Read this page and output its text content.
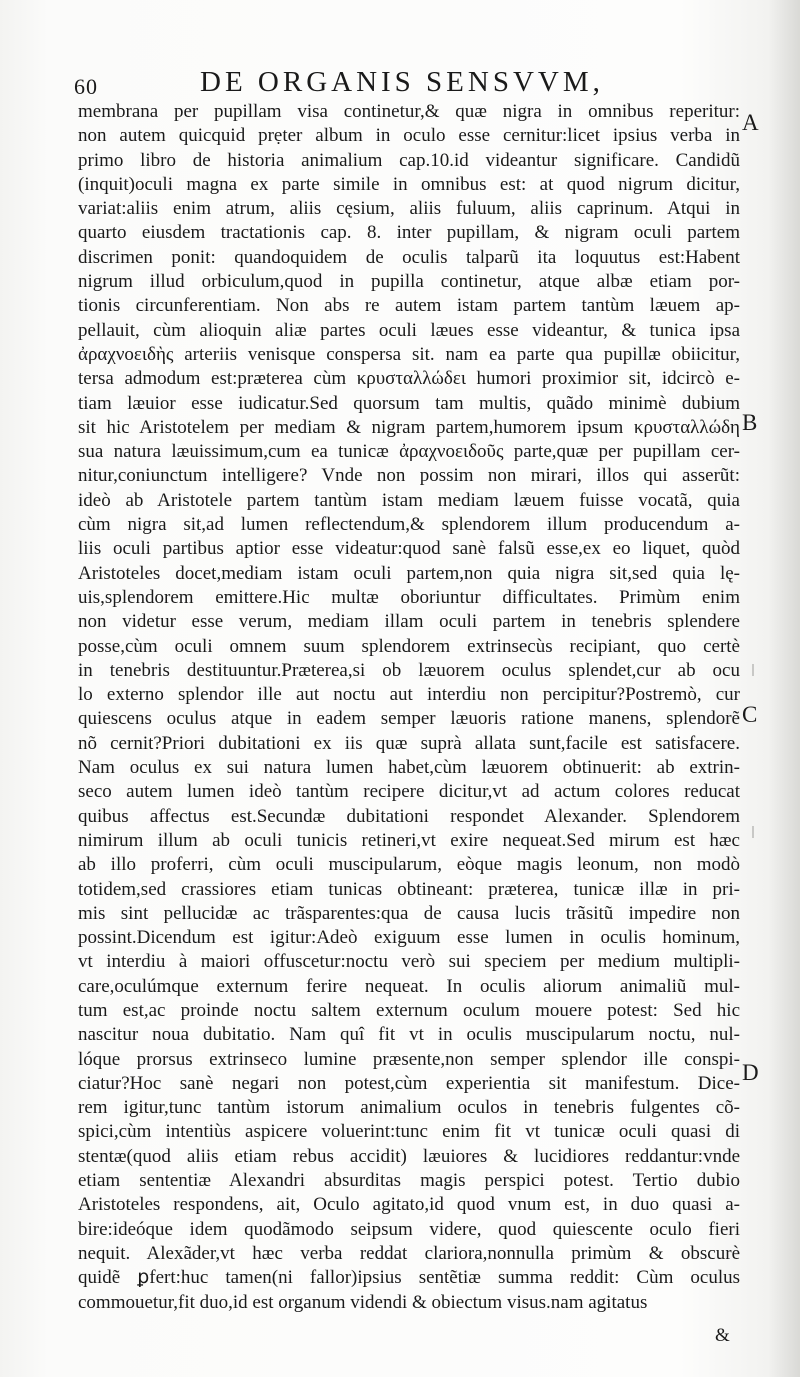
60	DE ORGANIS SENSVVM,
membrana per pupillam visa continetur,& quæ nigra in omnibus reperitur:
non autem quicquid prẹter album in oculo esse cernitur:licet ipsius verba in
primo libro de historia animalium cap.10.id videantur significare. Candidũ
(inquit)oculi magna ex parte simile in omnibus est: at quod nigrum dicitur,
variat:aliis enim atrum, aliis cęsium, aliis fuluum, aliis caprinum. Atqui in
quarto eiusdem tractationis cap. 8. inter pupillam, & nigram oculi partem
discrimen ponit: quandoquidem de oculis talparũ ita loquutus est:Habent
nigrum illud orbiculum,quod in pupilla continetur, atque albæ etiam por-
tionis circunferentiam. Non abs re autem istam partem tantùm læuem ap-
pellauit, cùm alioquin aliæ partes oculi læues esse videantur, & tunica ipsa
ἀραχνοειδὴς arteriis venisque conspersa sit. nam ea parte qua pupillæ obiicitur,
tersa admodum est:præterea cùm κρυσταλλώδει humori proximior sit, idcircò e-
tiam læuior esse iudicatur.Sed quorsum tam multis, quãdo minimè dubium
sit hic Aristotelem per mediam & nigram partem,humorem ipsum κρυσταλλώδη
sua natura læuissimum,cum ea tunicæ ἀραχνοειδοῦς parte,quæ per pupillam cer-
nitur,coniunctum intelligere? Vnde non possim non mirari, illos qui asserũt:
ideò ab Aristotele partem tantùm istam mediam læuem fuisse vocatã, quia
cùm nigra sit,ad lumen reflectendum,& splendorem illum producendum a-
liis oculi partibus aptior esse videatur:quod sanè falsũ esse,ex eo liquet, quòd
Aristoteles docet,mediam istam oculi partem,non quia nigra sit,sed quia lę-
uis,splendorem emittere.Hic multæ oboriuntur difficultates. Primùm enim
non videtur esse verum, mediam illam oculi partem in tenebris splendere
posse,cùm oculi omnem suum splendorem extrinsecùs recipiant, quo certè
in tenebris destituuntur.Præterea,si ob læuorem oculus splendet,cur ab ocu
lo externo splendor ille aut noctu aut interdiu non percipitur?Postremò, cur
quiescens oculus atque in eadem semper læuoris ratione manens, splendorẽ
nõ cernit?Priori dubitationi ex iis quæ suprà allata sunt,facile est satisfacere.
Nam oculus ex sui natura lumen habet,cùm læuorem obtinuerit: ab extrin-
seco autem lumen ideò tantùm recipere dicitur,vt ad actum colores reducat
quibus affectus est.Secundæ dubitationi respondet Alexander. Splendorem
nimirum illum ab oculi tunicis retineri,vt exire nequeat.Sed mirum est hæc
ab illo proferri, cùm oculi muscipularum, eòque magis leonum, non modò
totidem,sed crassiores etiam tunicas obtineant: præterea, tunicæ illæ in pri-
mis sint pellucidæ ac trãsparentes:qua de causa lucis trãsitũ impedire non
possint.Dicendum est igitur:Adeò exiguum esse lumen in oculis hominum,
vt interdiu à maiori offuscetur:noctu verò sui speciem per medium multipli-
care,oculúmque externum ferire nequeat. In oculis aliorum animaliũ mul-
tum est,ac proinde noctu saltem externum oculum mouere potest: Sed hic
nascitur noua dubitatio. Nam quî fit vt in oculis muscipularum noctu, nul-
lóque prorsus extrinseco lumine præsente,non semper splendor ille conspi-
ciatur?Hoc sanè negari non potest,cùm experientia sit manifestum. Dice-
rem igitur,tunc tantùm istorum animalium oculos in tenebris fulgentes cõ-
spici,cùm intentiùs aspicere voluerint:tunc enim fit vt tunicæ oculi quasi di
stentæ(quod aliis etiam rebus accidit) læuiores & lucidiores reddantur:vnde
etiam sententiæ Alexandri absurditas magis perspici potest. Tertio dubio
Aristoteles respondens, ait, Oculo agitato,id quod vnum est, in duo quasi a-
bire:ideóque idem quodãmodo seipsum videre, quod quiescente oculo fieri
nequit. Alexãder,vt hæc verba reddat clariora,nonnulla primùm & obscurè
quidẽ ꝑfert:huc tamen(ni fallor)ipsius sentẽtiæ summa reddit: Cùm oculus
commouetur,fit duo,id est organum videndi & obiectum visus.nam agitatus
A
B
C
D
&
